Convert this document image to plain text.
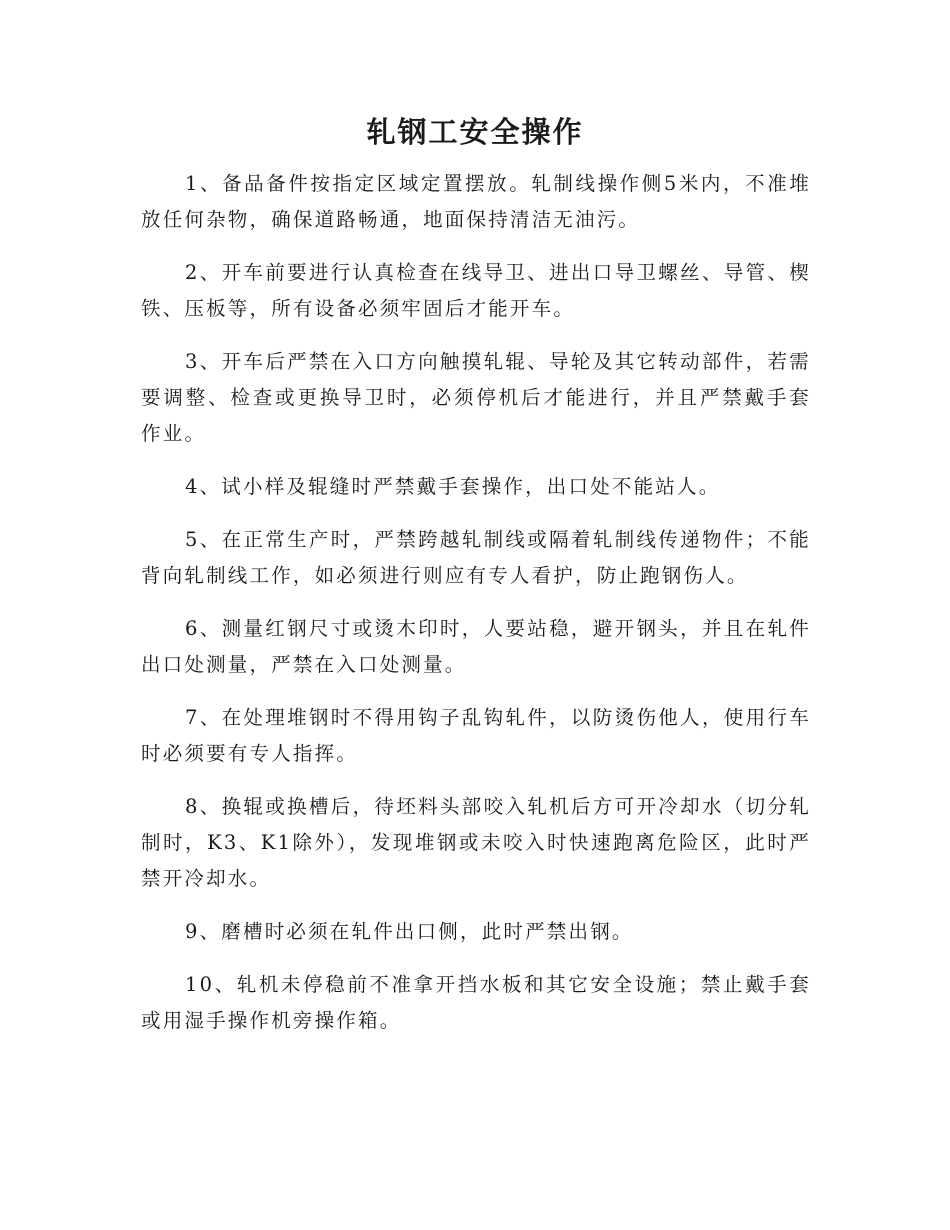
轧钢工安全操作

1、备品备件按指定区域定置摆放。轧制线操作侧5米内，不准堆放任何杂物，确保道路畅通，地面保持清洁无油污。

2、开车前要进行认真检查在线导卫、进出口导卫螺丝、导管、楔铁、压板等，所有设备必须牢固后才能开车。

3、开车后严禁在入口方向触摸轧辊、导轮及其它转动部件，若需要调整、检查或更换导卫时，必须停机后才能进行，并且严禁戴手套作业。

4、试小样及辊缝时严禁戴手套操作，出口处不能站人。

5、在正常生产时，严禁跨越轧制线或隔着轧制线传递物件；不能背向轧制线工作，如必须进行则应有专人看护，防止跑钢伤人。

6、测量红钢尺寸或烫木印时，人要站稳，避开钢头，并且在轧件出口处测量，严禁在入口处测量。

7、在处理堆钢时不得用钩子乱钩轧件，以防烫伤他人，使用行车时必须要有专人指挥。

8、换辊或换槽后，待坯料头部咬入轧机后方可开冷却水（切分轧制时，K3、K1除外），发现堆钢或未咬入时快速跑离危险区，此时严禁开冷却水。

9、磨槽时必须在轧件出口侧，此时严禁出钢。

10、轧机未停稳前不准拿开挡水板和其它安全设施；禁止戴手套或用湿手操作机旁操作箱。
